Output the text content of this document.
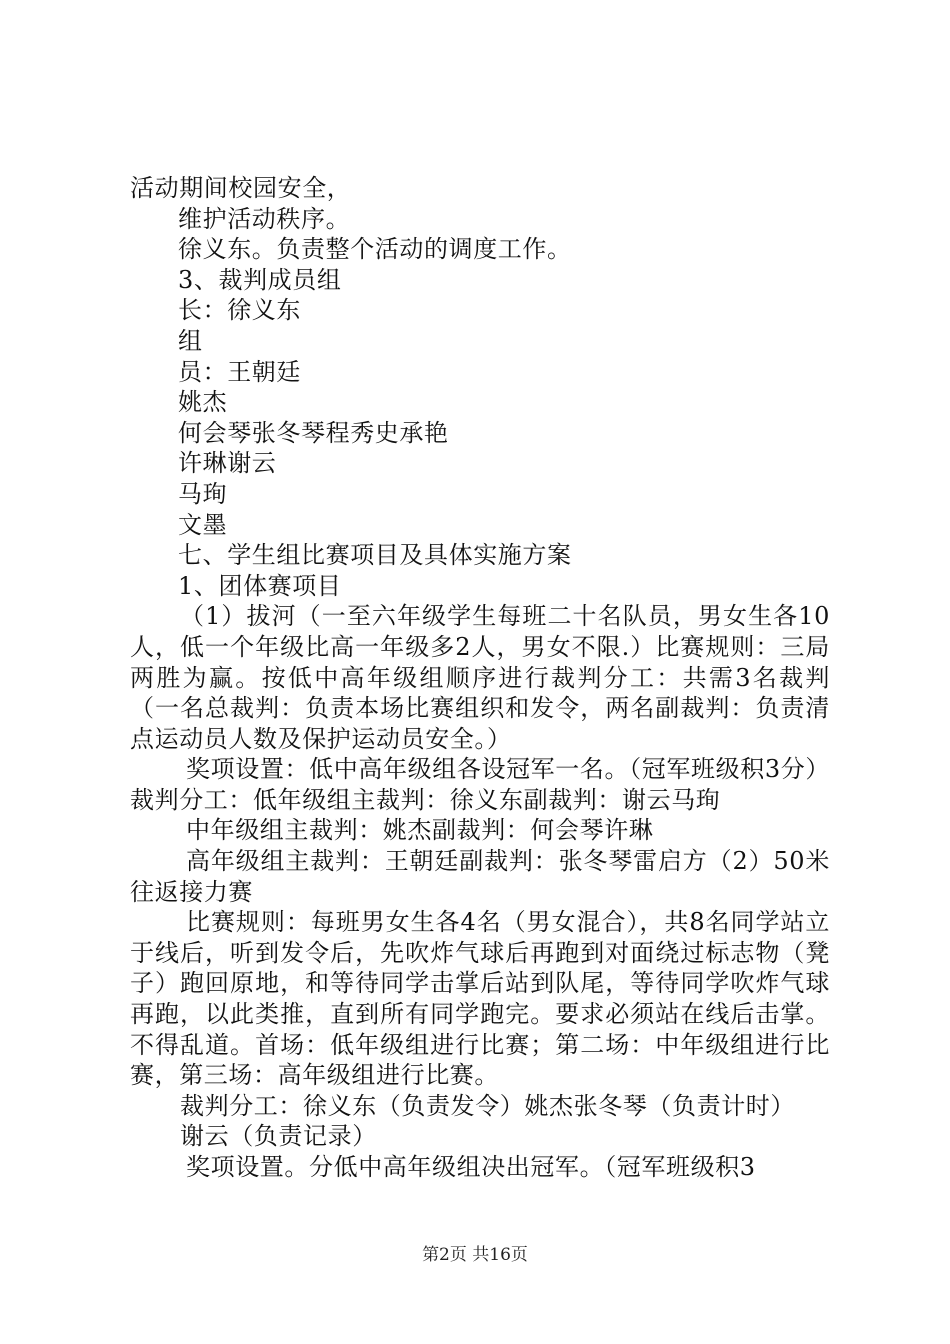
活动期间校园安全，
维护活动秩序。
徐义东。负责整个活动的调度工作。
3、裁判成员组
长：徐义东
组
员：王朝廷
姚杰
何会琴张冬琴程秀史承艳
许琳谢云
马珣
文墨
七、学生组比赛项目及具体实施方案
1、团体赛项目

（1）拔河（一至六年级学生每班二十名队员，男女生各10人，低一个年级比高一年级多2人，男女不限.）比赛规则：三局两胜为赢。按低中高年级组顺序进行裁判分工：共需3名裁判（一名总裁判：负责本场比赛组织和发令，两名副裁判：负责清点运动员人数及保护运动员安全。）

奖项设置：低中高年级组各设冠军一名。（冠军班级积3分）裁判分工：低年级组主裁判：徐义东副裁判：谢云马珣

中年级组主裁判：姚杰副裁判：何会琴许琳

高年级组主裁判：王朝廷副裁判：张冬琴雷启方（2）50米往返接力赛

比赛规则：每班男女生各4名（男女混合），共8名同学站立于线后，听到发令后，先吹炸气球后再跑到对面绕过标志物（凳子）跑回原地，和等待同学击掌后站到队尾，等待同学吹炸气球再跑，以此类推，直到所有同学跑完。要求必须站在线后击掌。不得乱道。首场：低年级组进行比赛；第二场：中年级组进行比赛，第三场：高年级组进行比赛。

裁判分工：徐义东（负责发令）姚杰张冬琴（负责计时）

谢云（负责记录）

奖项设置。分低中高年级组决出冠军。（冠军班级积3

第2页 共16页
